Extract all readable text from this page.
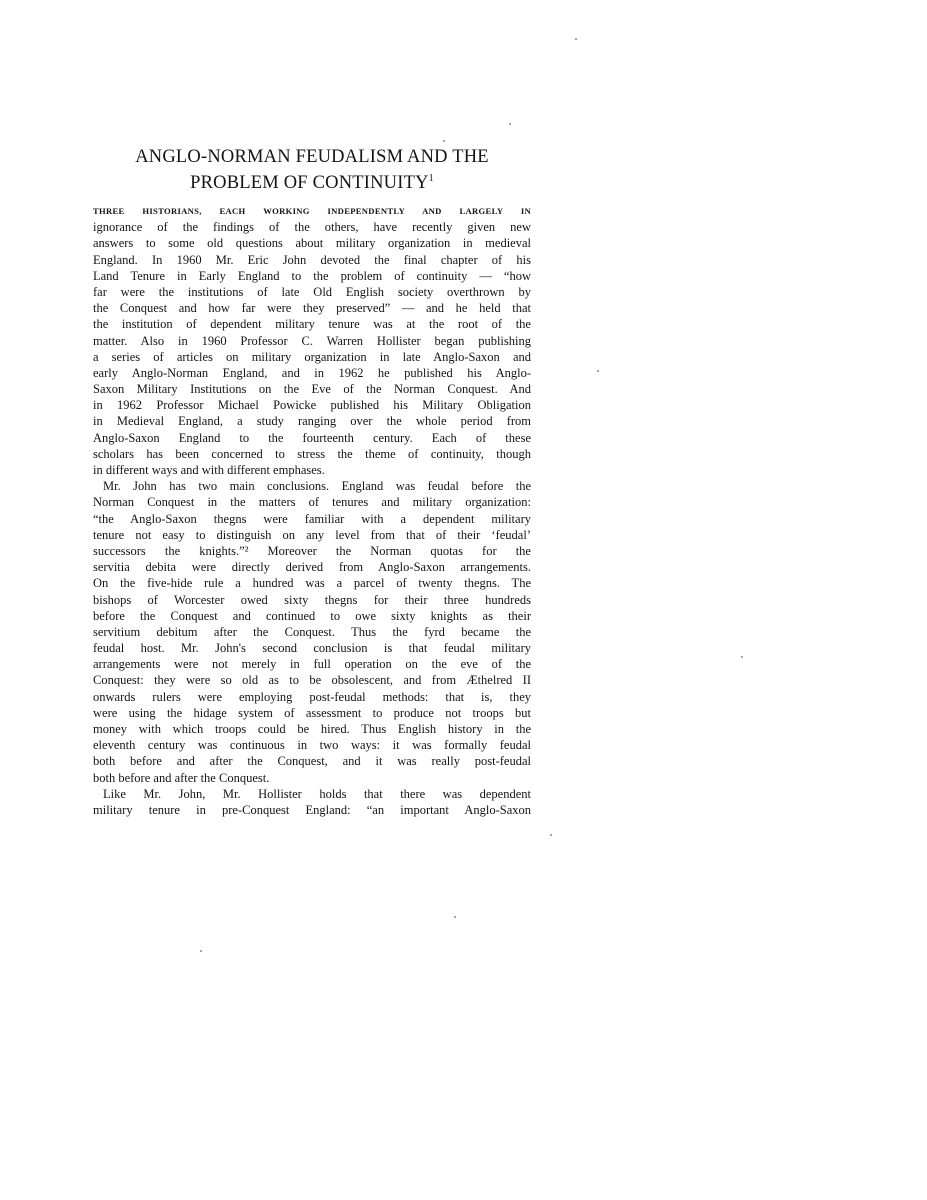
ANGLO-NORMAN FEUDALISM AND THE
PROBLEM OF CONTINUITY$^1$
THREE HISTORIANS, EACH WORKING INDEPENDENTLY AND LARGELY IN
ignorance of the findings of the others, have recently given new
answers to some old questions about military organization in medieval
England. In 1960 Mr. Eric John devoted the final chapter of his
Land Tenure in Early England to the problem of continuity — “how
far were the institutions of late Old English society overthrown by
the Conquest and how far were they preserved” — and he held that
the institution of dependent military tenure was at the root of the
matter. Also in 1960 Professor C. Warren Hollister began publishing
a series of articles on military organization in late Anglo-Saxon and
early Anglo-Norman England, and in 1962 he published his Anglo-
Saxon Military Institutions on the Eve of the Norman Conquest. And
in 1962 Professor Michael Powicke published his Military Obligation
in Medieval England, a study ranging over the whole period from
Anglo-Saxon England to the fourteenth century. Each of these
scholars has been concerned to stress the theme of continuity, though
in different ways and with different emphases.
Mr. John has two main conclusions. England was feudal before the
Norman Conquest in the matters of tenures and military organization:
“the Anglo-Saxon thegns were familiar with a dependent military
tenure not easy to distinguish on any level from that of their ‘feudal’
successors the knights.”² Moreover the Norman quotas for the
servitia debita were directly derived from Anglo-Saxon arrangements.
On the five-hide rule a hundred was a parcel of twenty thegns. The
bishops of Worcester owed sixty thegns for their three hundreds
before the Conquest and continued to owe sixty knights as their
servitium debitum after the Conquest. Thus the fyrd became the
feudal host. Mr. John's second conclusion is that feudal military
arrangements were not merely in full operation on the eve of the
Conquest: they were so old as to be obsolescent, and from Æthelred II
onwards rulers were employing post-feudal methods: that is, they
were using the hidage system of assessment to produce not troops but
money with which troops could be hired. Thus English history in the
eleventh century was continuous in two ways: it was formally feudal
both before and after the Conquest, and it was really post-feudal
both before and after the Conquest.
Like Mr. John, Mr. Hollister holds that there was dependent
military tenure in pre-Conquest England: “an important Anglo-Saxon
